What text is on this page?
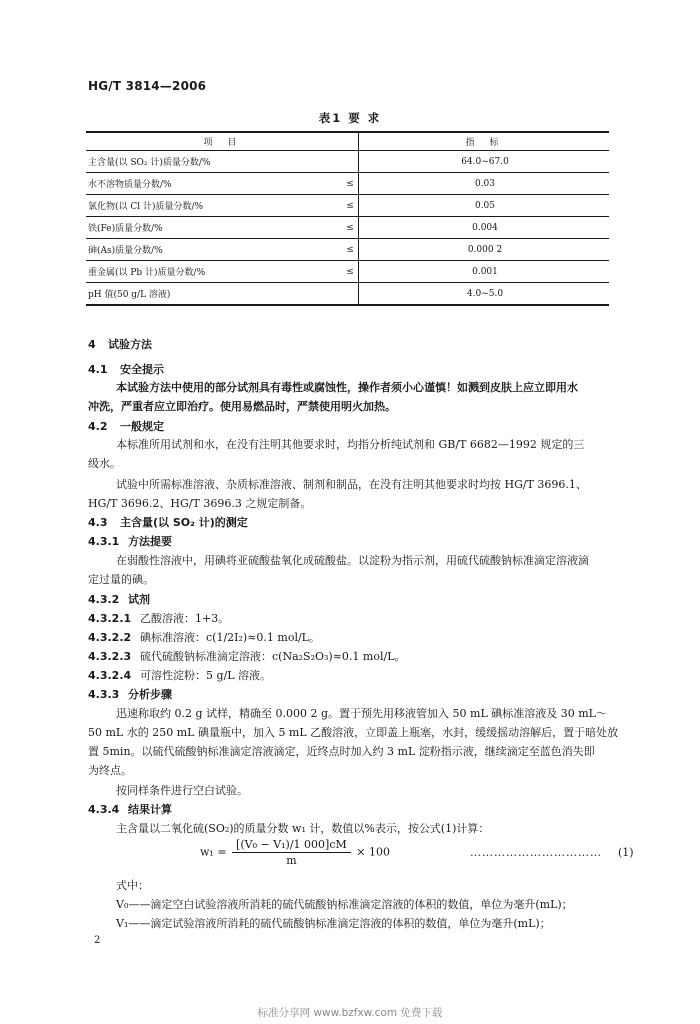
HG/T 3814—2006
表1 要 求
项 目		指 标
主含量(以 SO₂ 计)质量分数/%		64.0~67.0
水不溶物质量分数/%	≤	0.03
氯化物(以 Cl 计)质量分数/%	≤	0.05
铁(Fe)质量分数/%	≤	0.004
砷(As)质量分数/%	≤	0.000 2
重金属(以 Pb 计)质量分数/%	≤	0.001
pH 值(50 g/L 溶液)		4.0~5.0
4 试验方法
4.1 安全提示
本试验方法中使用的部分试剂具有毒性或腐蚀性，操作者须小心谨慎！如溅到皮肤上应立即用水
冲洗，严重者应立即治疗。使用易燃品时，严禁使用明火加热。
4.2 一般规定
本标准所用试剂和水，在没有注明其他要求时，均指分析纯试剂和 GB/T 6682—1992 规定的三
级水。
试验中所需标准溶液、杂质标准溶液、制剂和制品，在没有注明其他要求时均按 HG/T 3696.1、
HG/T 3696.2、HG/T 3696.3 之规定制备。
4.3 主含量(以 SO₂ 计)的测定
4.3.1 方法提要
在弱酸性溶液中，用碘将亚硫酸盐氧化成硫酸盐。以淀粉为指示剂，用硫代硫酸钠标准滴定溶液滴
定过量的碘。
4.3.2 试剂
4.3.2.1 乙酸溶液：1+3。
4.3.2.2 碘标准溶液：c(1/2I₂)≈0.1 mol/L。
4.3.2.3 硫代硫酸钠标准滴定溶液：c(Na₂S₂O₃)≈0.1 mol/L。
4.3.2.4 可溶性淀粉：5 g/L 溶液。
4.3.3 分析步骤
迅速称取约 0.2 g 试样，精确至 0.000 2 g。置于预先用移液管加入 50 mL 碘标准溶液及 30 mL～
50 mL 水的 250 mL 碘量瓶中，加入 5 mL 乙酸溶液，立即盖上瓶塞，水封，缓缓摇动溶解后，置于暗处放
置 5min。以硫代硫酸钠标准滴定溶液滴定，近终点时加入约 3 mL 淀粉指示液，继续滴定至蓝色消失即
为终点。
按同样条件进行空白试验。
4.3.4 结果计算
主含量以二氧化硫(SO₂)的质量分数 w₁ 计，数值以%表示，按公式(1)计算：
$w_1 = \frac{\text{[(V₀ − V₁)/1 000]cM}}{m} \times 100$	…………………………… (1)
式中：
V₀——滴定空白试验溶液所消耗的硫代硫酸钠标准滴定溶液的体积的数值，单位为毫升(mL)；
V₁——滴定试验溶液所消耗的硫代硫酸钠标准滴定溶液的体积的数值，单位为毫升(mL)；
2
标准分享网 www.bzfxw.com 免费下载
